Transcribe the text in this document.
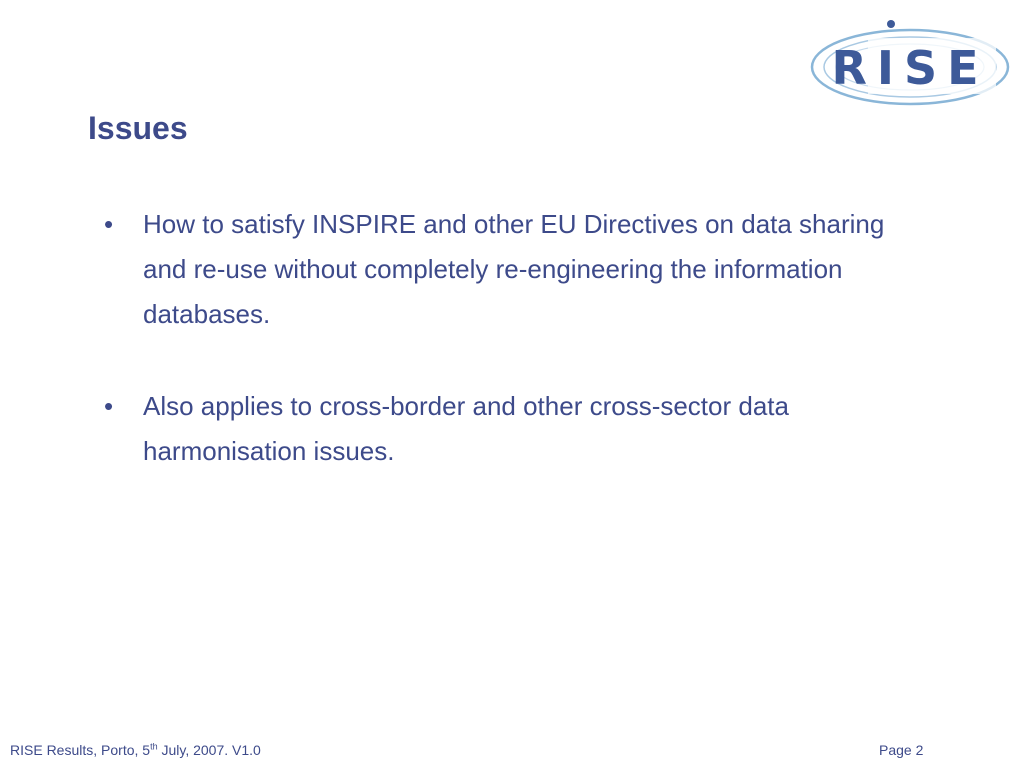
RISE
Issues
•	How to satisfy INSPIRE and other EU Directives on data sharing and re-use without completely re-engineering the information databases.
•	Also applies to cross-border and other cross-sector data harmonisation issues.
RISE Results, Porto, 5th July, 2007. V1.0	Page 2
